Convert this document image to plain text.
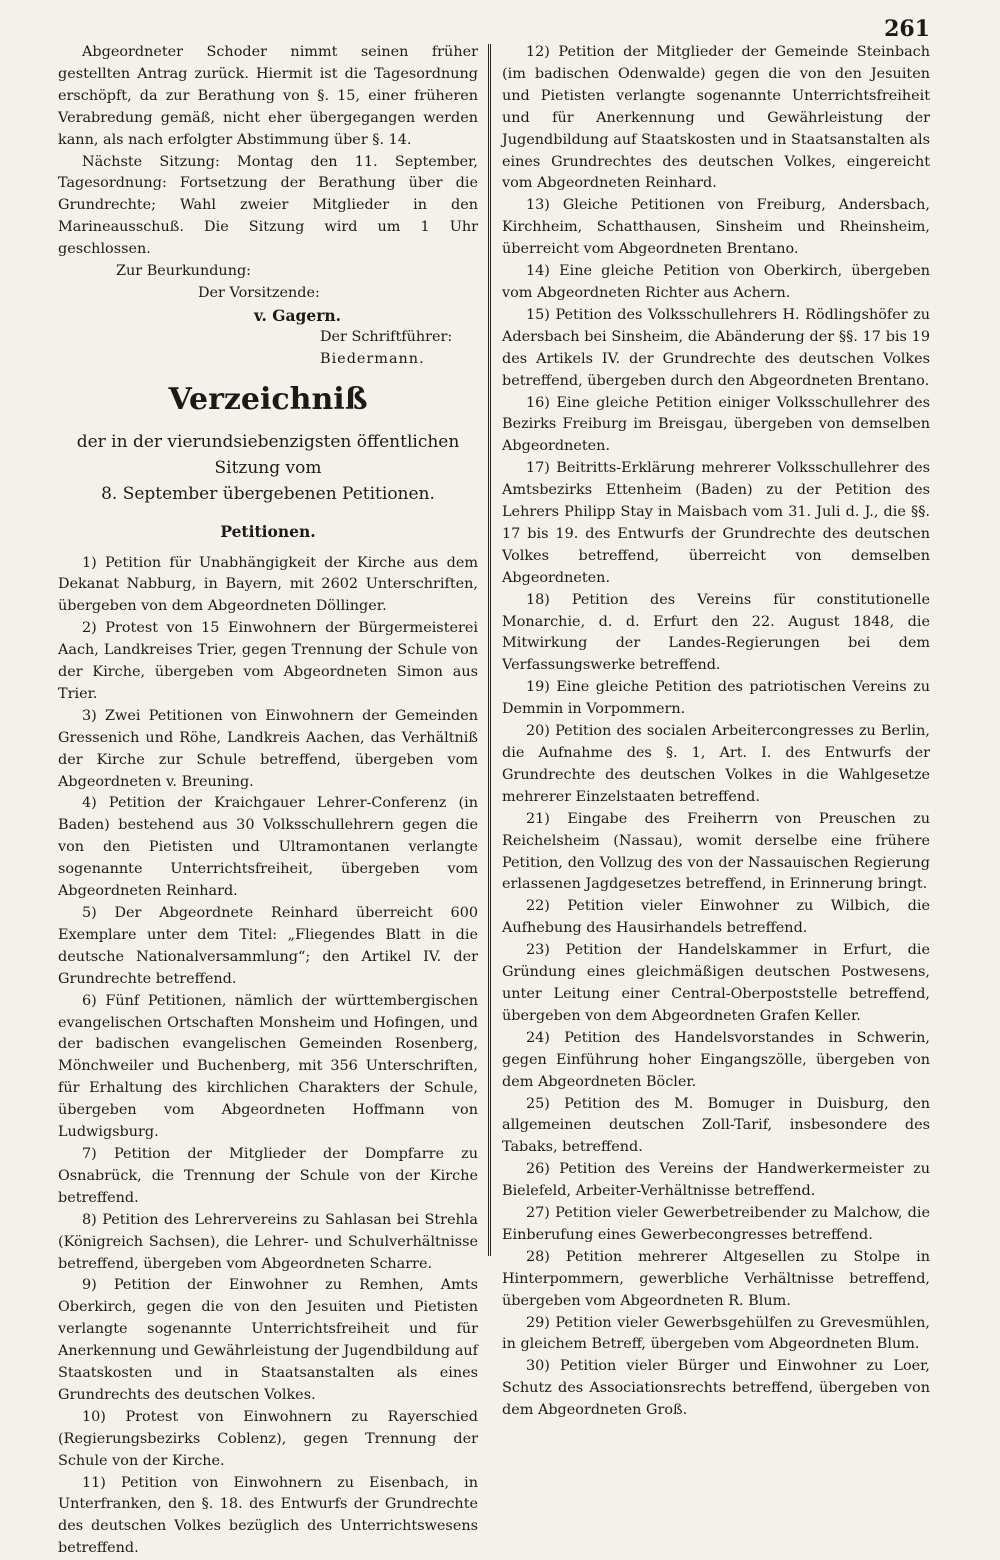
261

Abgeordneter Schoder nimmt seinen früher gestellten Antrag zurück. Hiermit ist die Tagesordnung erschöpft, da zur Berathung von §. 15, einer früheren Verabredung gemäß, nicht eher übergegangen werden kann, als nach erfolgter Abstimmung über §. 14.

Nächste Sitzung: Montag den 11. September, Tagesordnung: Fortsetzung der Berathung über die Grundrechte; Wahl zweier Mitglieder in den Marineausschuß. Die Sitzung wird um 1 Uhr geschlossen.

Zur Beurkundung:

Der Vorsitzende:

v. Gagern.

Der Schriftführer:

Biedermann.

Verzeichniß
der in der vierundsiebenzigsten öffentlichen Sitzung vom
8. September übergebenen Petitionen.
Petitionen.

1) Petition für Unabhängigkeit der Kirche aus dem Dekanat Nabburg, in Bayern, mit 2602 Unterschriften, übergeben von dem Abgeordneten Döllinger.

2) Protest von 15 Einwohnern der Bürgermeisterei Aach, Landkreises Trier, gegen Trennung der Schule von der Kirche, übergeben vom Abgeordneten Simon aus Trier.

3) Zwei Petitionen von Einwohnern der Gemeinden Gressenich und Röhe, Landkreis Aachen, das Verhältniß der Kirche zur Schule betreffend, übergeben vom Abgeordneten v. Breuning.

4) Petition der Kraichgauer Lehrer-Conferenz (in Baden) bestehend aus 30 Volksschullehrern gegen die von den Pietisten und Ultramontanen verlangte sogenannte Unterrichtsfreiheit, übergeben vom Abgeordneten Reinhard.

5) Der Abgeordnete Reinhard überreicht 600 Exemplare unter dem Titel: „Fliegendes Blatt in die deutsche Nationalversammlung“; den Artikel IV. der Grundrechte betreffend.

6) Fünf Petitionen, nämlich der württembergischen evangelischen Ortschaften Monsheim und Hofingen, und der badischen evangelischen Gemeinden Rosenberg, Mönchweiler und Buchenberg, mit 356 Unterschriften, für Erhaltung des kirchlichen Charakters der Schule, übergeben vom Abgeordneten Hoffmann von Ludwigsburg.

7) Petition der Mitglieder der Dompfarre zu Osnabrück, die Trennung der Schule von der Kirche betreffend.

8) Petition des Lehrervereins zu Sahlasan bei Strehla (Königreich Sachsen), die Lehrer- und Schulverhältnisse betreffend, übergeben vom Abgeordneten Scharre.

9) Petition der Einwohner zu Remhen, Amts Oberkirch, gegen die von den Jesuiten und Pietisten verlangte sogenannte Unterrichtsfreiheit und für Anerkennung und Gewährleistung der Jugendbildung auf Staatskosten und in Staatsanstalten als eines Grundrechts des deutschen Volkes.

10) Protest von Einwohnern zu Rayerschied (Regierungsbezirks Coblenz), gegen Trennung der Schule von der Kirche.

11) Petition von Einwohnern zu Eisenbach, in Unterfranken, den §. 18. des Entwurfs der Grundrechte des deutschen Volkes bezüglich des Unterrichtswesens betreffend.

12) Petition der Mitglieder der Gemeinde Steinbach (im badischen Odenwalde) gegen die von den Jesuiten und Pietisten verlangte sogenannte Unterrichtsfreiheit und für Anerkennung und Gewährleistung der Jugendbildung auf Staatskosten und in Staatsanstalten als eines Grundrechtes des deutschen Volkes, eingereicht vom Abgeordneten Reinhard.

13) Gleiche Petitionen von Freiburg, Andersbach, Kirchheim, Schatthausen, Sinsheim und Rheinsheim, überreicht vom Abgeordneten Brentano.

14) Eine gleiche Petition von Oberkirch, übergeben vom Abgeordneten Richter aus Achern.

15) Petition des Volksschullehrers H. Rödlingshöfer zu Adersbach bei Sinsheim, die Abänderung der §§. 17 bis 19 des Artikels IV. der Grundrechte des deutschen Volkes betreffend, übergeben durch den Abgeordneten Brentano.

16) Eine gleiche Petition einiger Volksschullehrer des Bezirks Freiburg im Breisgau, übergeben von demselben Abgeordneten.

17) Beitritts-Erklärung mehrerer Volksschullehrer des Amtsbezirks Ettenheim (Baden) zu der Petition des Lehrers Philipp Stay in Maisbach vom 31. Juli d. J., die §§. 17 bis 19. des Entwurfs der Grundrechte des deutschen Volkes betreffend, überreicht von demselben Abgeordneten.

18) Petition des Vereins für constitutionelle Monarchie, d. d. Erfurt den 22. August 1848, die Mitwirkung der Landes-Regierungen bei dem Verfassungswerke betreffend.

19) Eine gleiche Petition des patriotischen Vereins zu Demmin in Vorpommern.

20) Petition des socialen Arbeitercongresses zu Berlin, die Aufnahme des §. 1, Art. I. des Entwurfs der Grundrechte des deutschen Volkes in die Wahlgesetze mehrerer Einzelstaaten betreffend.

21) Eingabe des Freiherrn von Preuschen zu Reichelsheim (Nassau), womit derselbe eine frühere Petition, den Vollzug des von der Nassauischen Regierung erlassenen Jagdgesetzes betreffend, in Erinnerung bringt.

22) Petition vieler Einwohner zu Wilbich, die Aufhebung des Hausirhandels betreffend.

23) Petition der Handelskammer in Erfurt, die Gründung eines gleichmäßigen deutschen Postwesens, unter Leitung einer Central-Oberpoststelle betreffend, übergeben von dem Abgeordneten Grafen Keller.

24) Petition des Handelsvorstandes in Schwerin, gegen Einführung hoher Eingangszölle, übergeben von dem Abgeordneten Böcler.

25) Petition des M. Bomuger in Duisburg, den allgemeinen deutschen Zoll-Tarif, insbesondere des Tabaks, betreffend.

26) Petition des Vereins der Handwerkermeister zu Bielefeld, Arbeiter-Verhältnisse betreffend.

27) Petition vieler Gewerbetreibender zu Malchow, die Einberufung eines Gewerbecongresses betreffend.

28) Petition mehrerer Altgesellen zu Stolpe in Hinterpommern, gewerbliche Verhältnisse betreffend, übergeben vom Abgeordneten R. Blum.

29) Petition vieler Gewerbsgehülfen zu Grevesmühlen, in gleichem Betreff, übergeben vom Abgeordneten Blum.

30) Petition vieler Bürger und Einwohner zu Loer, Schutz des Associationsrechts betreffend, übergeben von dem Abgeordneten Groß.
